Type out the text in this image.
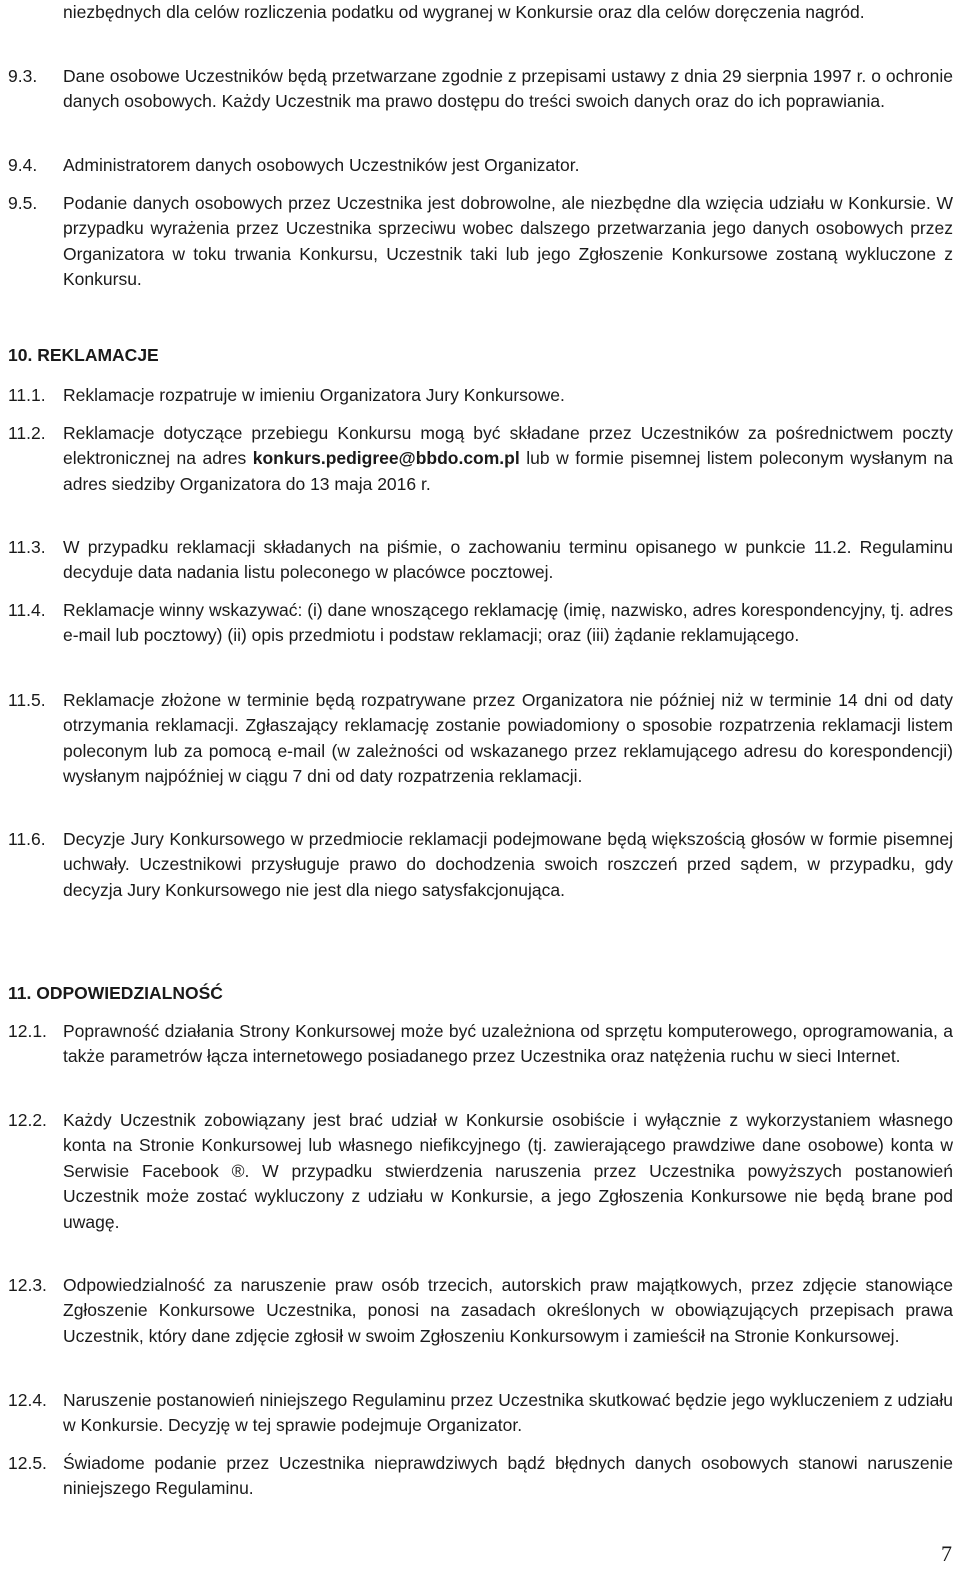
niezbędnych dla celów rozliczenia podatku od wygranej w Konkursie oraz dla celów doręczenia nagród.
9.3.	Dane osobowe Uczestników będą przetwarzane zgodnie z przepisami ustawy z dnia 29 sierpnia 1997 r. o ochronie danych osobowych. Każdy Uczestnik ma prawo dostępu do treści swoich danych oraz do ich poprawiania.
9.4.	Administratorem danych osobowych Uczestników jest Organizator.
9.5.	Podanie danych osobowych przez Uczestnika jest dobrowolne, ale niezbędne dla wzięcia udziału w Konkursie. W przypadku wyrażenia przez Uczestnika sprzeciwu wobec dalszego przetwarzania jego danych osobowych przez Organizatora w toku trwania Konkursu, Uczestnik taki lub jego Zgłoszenie Konkursowe zostaną wykluczone z Konkursu.
10. REKLAMACJE
11.1. Reklamacje rozpatruje w imieniu Organizatora Jury Konkursowe.
11.2. Reklamacje dotyczące przebiegu Konkursu mogą być składane przez Uczestników za pośrednictwem poczty elektronicznej na adres konkurs.pedigree@bbdo.com.pl lub w formie pisemnej listem poleconym wysłanym na adres siedziby Organizatora do 13 maja 2016 r.
11.3. W przypadku reklamacji składanych na piśmie, o zachowaniu terminu opisanego w punkcie 11.2. Regulaminu decyduje data nadania listu poleconego w placówce pocztowej.
11.4. Reklamacje winny wskazywać: (i) dane wnoszącego reklamację (imię, nazwisko, adres korespondencyjny, tj. adres e-mail lub pocztowy) (ii) opis przedmiotu i podstaw reklamacji; oraz (iii) żądanie reklamującego.
11.5. Reklamacje złożone w terminie będą rozpatrywane przez Organizatora nie później niż w terminie 14 dni od daty otrzymania reklamacji. Zgłaszający reklamację zostanie powiadomiony o sposobie rozpatrzenia reklamacji listem poleconym lub za pomocą e-mail (w zależności od wskazanego przez reklamującego adresu do korespondencji) wysłanym najpóźniej w ciągu 7 dni od daty rozpatrzenia reklamacji.
11.6. Decyzje Jury Konkursowego w przedmiocie reklamacji podejmowane będą większością głosów w formie pisemnej uchwały. Uczestnikowi przysługuje prawo do dochodzenia swoich roszczeń przed sądem, w przypadku, gdy decyzja Jury Konkursowego nie jest dla niego satysfakcjonująca.
11. ODPOWIEDZIALNOŚĆ
12.1. Poprawność działania Strony Konkursowej może być uzależniona od sprzętu komputerowego, oprogramowania, a także parametrów łącza internetowego posiadanego przez Uczestnika oraz natężenia ruchu w sieci Internet.
12.2. Każdy Uczestnik zobowiązany jest brać udział w Konkursie osobiście i wyłącznie z wykorzystaniem własnego konta na Stronie Konkursowej lub własnego niefikcyjnego (tj. zawierającego prawdziwe dane osobowe) konta w Serwisie Facebook ®. W przypadku stwierdzenia naruszenia przez Uczestnika powyższych postanowień Uczestnik może zostać wykluczony z udziału w Konkursie, a jego Zgłoszenia Konkursowe nie będą brane pod uwagę.
12.3. Odpowiedzialność za naruszenie praw osób trzecich, autorskich praw majątkowych, przez zdjęcie stanowiące Zgłoszenie Konkursowe Uczestnika, ponosi na zasadach określonych w obowiązujących przepisach prawa Uczestnik, który dane zdjęcie zgłosił w swoim Zgłoszeniu Konkursowym i zamieścił na Stronie Konkursowej.
12.4. Naruszenie postanowień niniejszego Regulaminu przez Uczestnika skutkować będzie jego wykluczeniem z udziału w Konkursie. Decyzję w tej sprawie podejmuje Organizator.
12.5. Świadome podanie przez Uczestnika nieprawdziwych bądź błędnych danych osobowych stanowi naruszenie niniejszego Regulaminu.
7
